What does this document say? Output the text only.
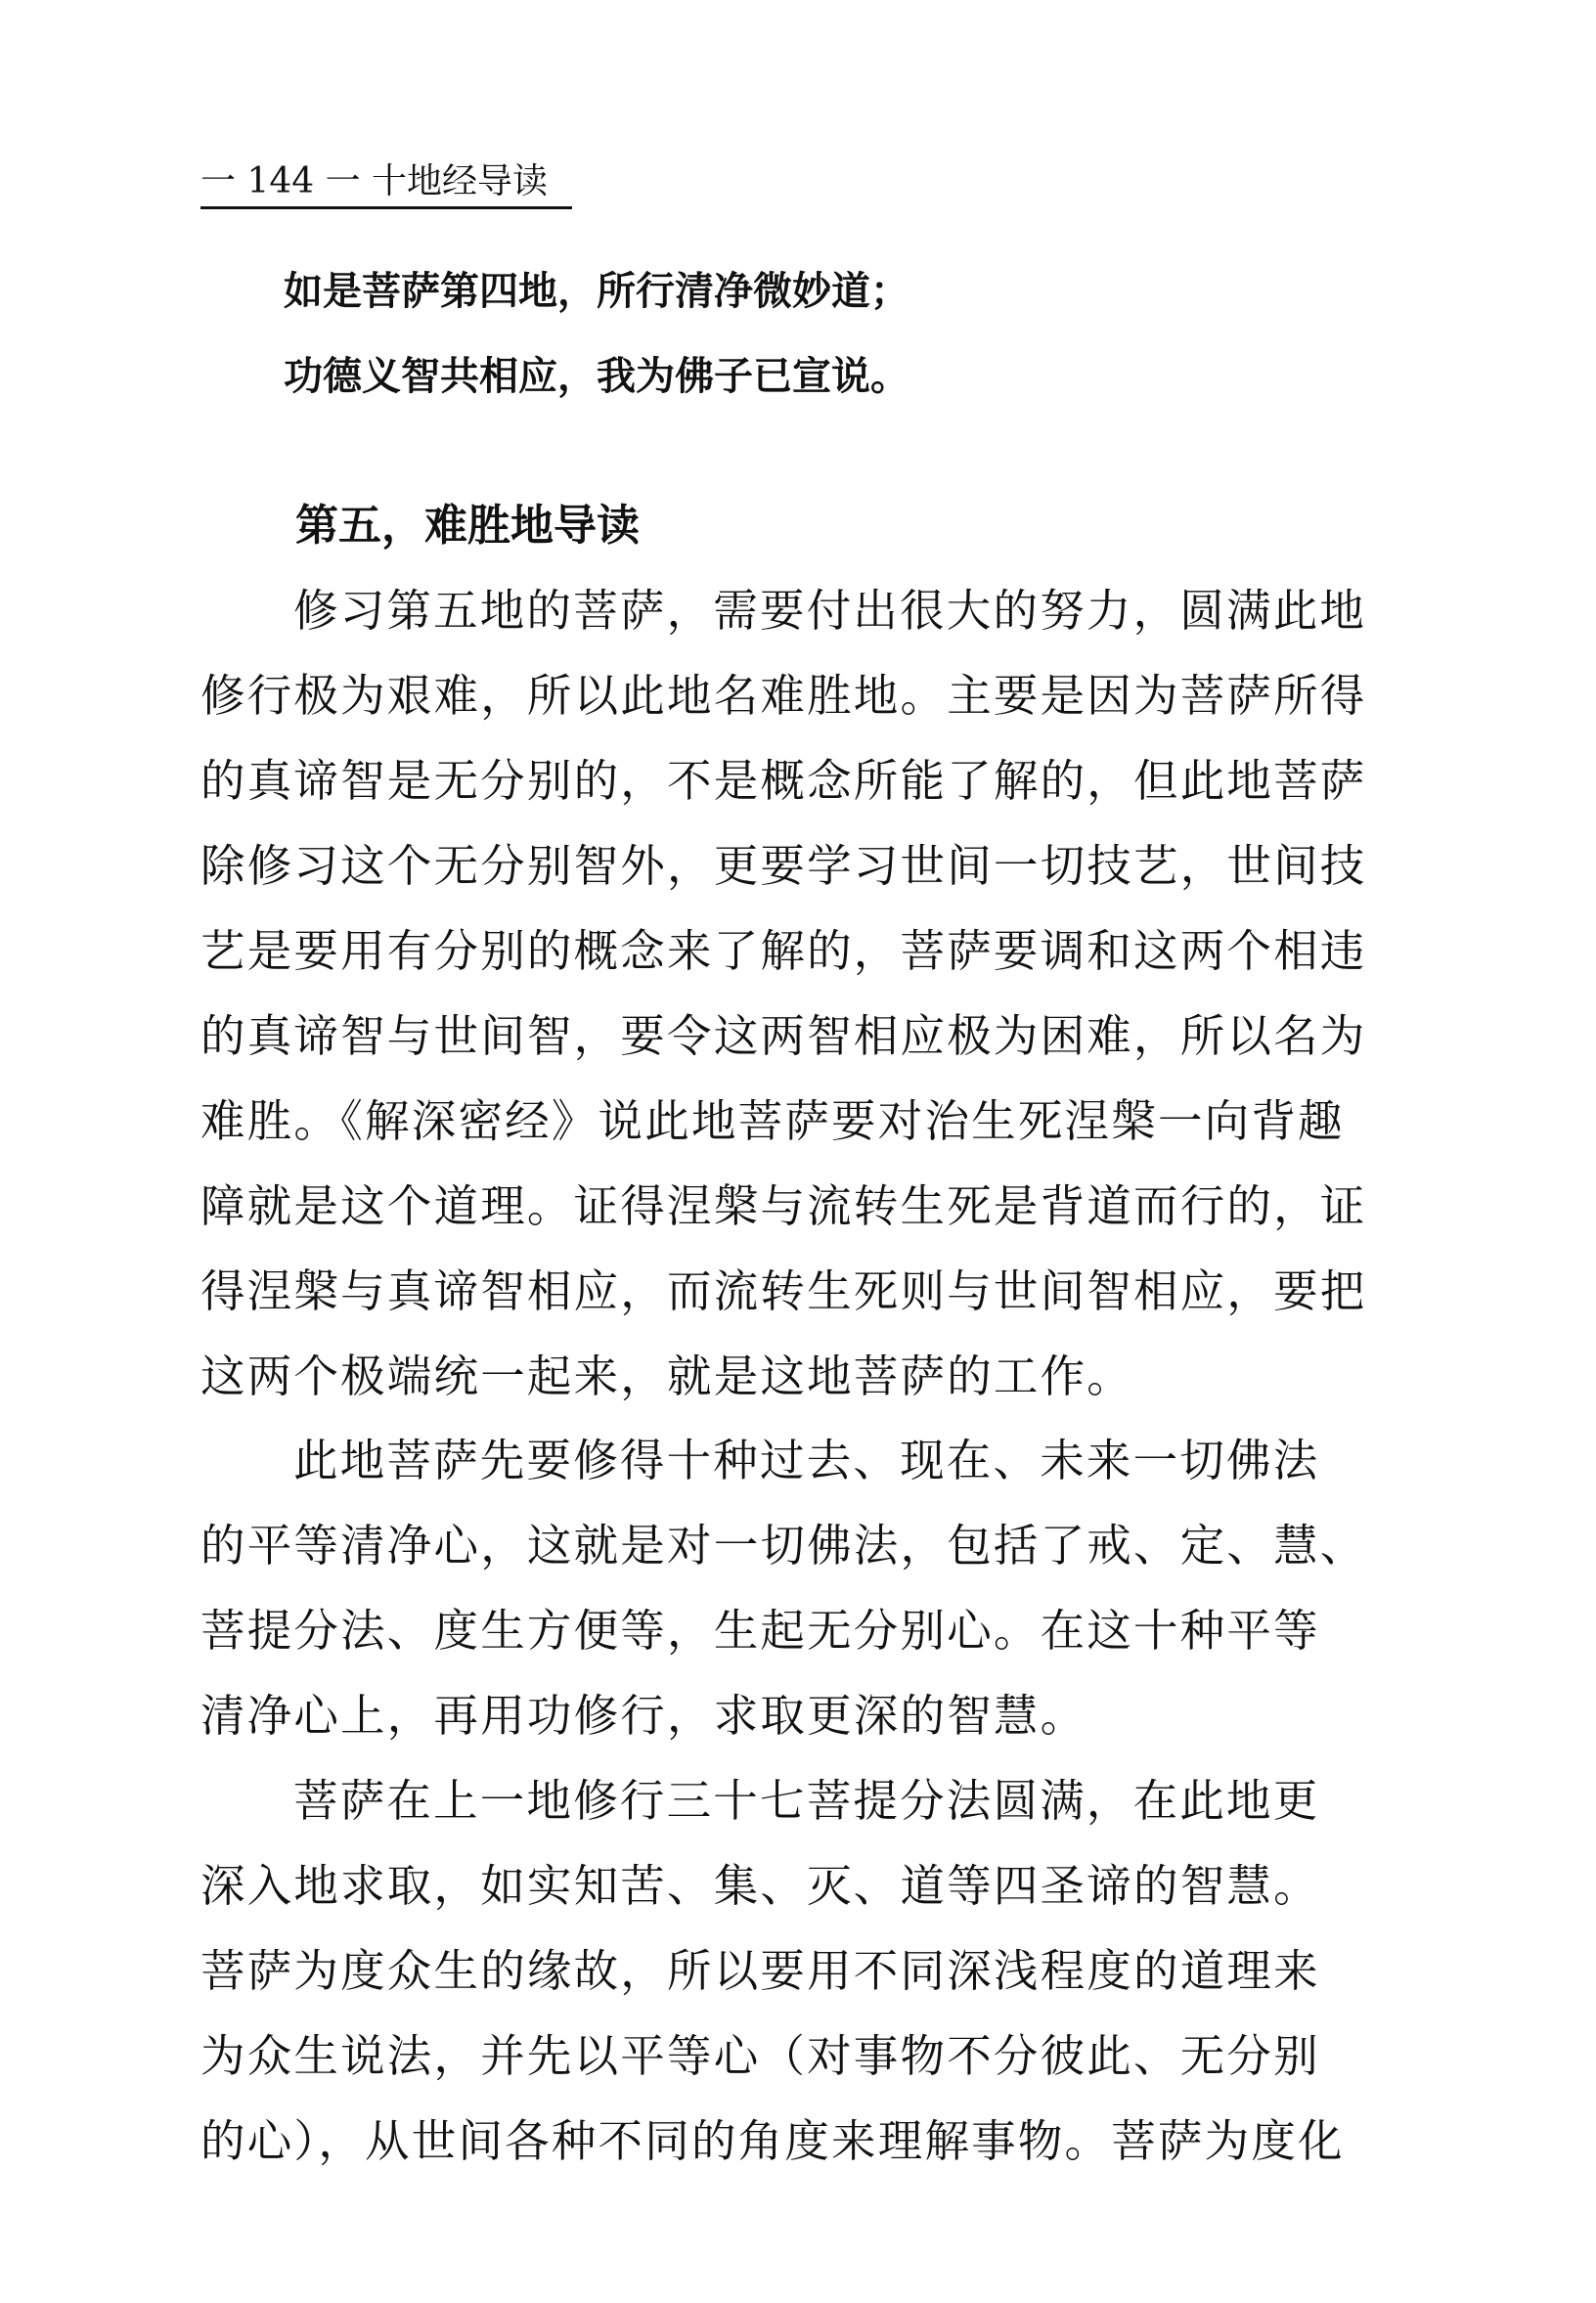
一 144 一 十地经导读
如是菩萨第四地，所行清净微妙道；
功德义智共相应，我为佛子已宣说。
第五，难胜地导读
修习第五地的菩萨，需要付出很大的努力，圆满此地
修行极为艰难，所以此地名难胜地。主要是因为菩萨所得
的真谛智是无分别的，不是概念所能了解的，但此地菩萨
除修习这个无分别智外，更要学习世间一切技艺，世间技
艺是要用有分别的概念来了解的，菩萨要调和这两个相违
的真谛智与世间智，要令这两智相应极为困难，所以名为
难胜。《解深密经》说此地菩萨要对治生死涅槃一向背趣
障就是这个道理。证得涅槃与流转生死是背道而行的，证
得涅槃与真谛智相应，而流转生死则与世间智相应，要把
这两个极端统一起来，就是这地菩萨的工作。
此地菩萨先要修得十种过去、现在、未来一切佛法
的平等清净心，这就是对一切佛法，包括了戒、定、慧、
菩提分法、度生方便等，生起无分别心。在这十种平等
清净心上，再用功修行，求取更深的智慧。
菩萨在上一地修行三十七菩提分法圆满，在此地更
深入地求取，如实知苦、集、灭、道等四圣谛的智慧。
菩萨为度众生的缘故，所以要用不同深浅程度的道理来
为众生说法，并先以平等心（对事物不分彼此、无分别
的心），从世间各种不同的角度来理解事物。菩萨为度化
